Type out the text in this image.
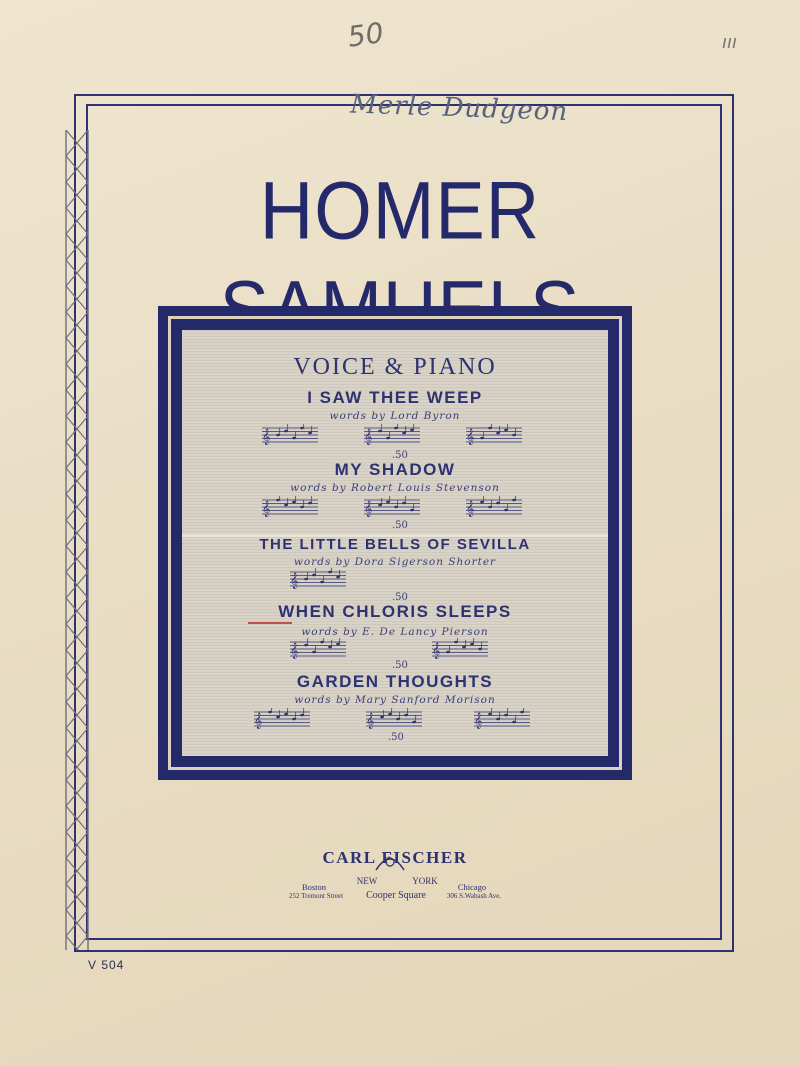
50	ııı
Merle Dudgeon
HOMER
VOICE & PIANO
I SAW THEE WEEP
words by Lord Byron
𝄞	𝄞	𝄞
.50
MY SHADOW
words by Robert Louis Stevenson
𝄞	𝄞	𝄞
.50
THE LITTLE BELLS OF SEVILLA
words by Dora Sigerson Shorter
𝄞
.50
WHEN CHLORIS SLEEPS
words by E. De Lancy Pierson
𝄞	𝄞
.50
GARDEN THOUGHTS
words by Mary Sanford Morison
𝄞	𝄞	𝄞
.50
CARL FISCHER
NEW	YORK
Cooper Square
Boston
252 Tremont Street
Chicago
306 S.Wabash Ave.
V 504
